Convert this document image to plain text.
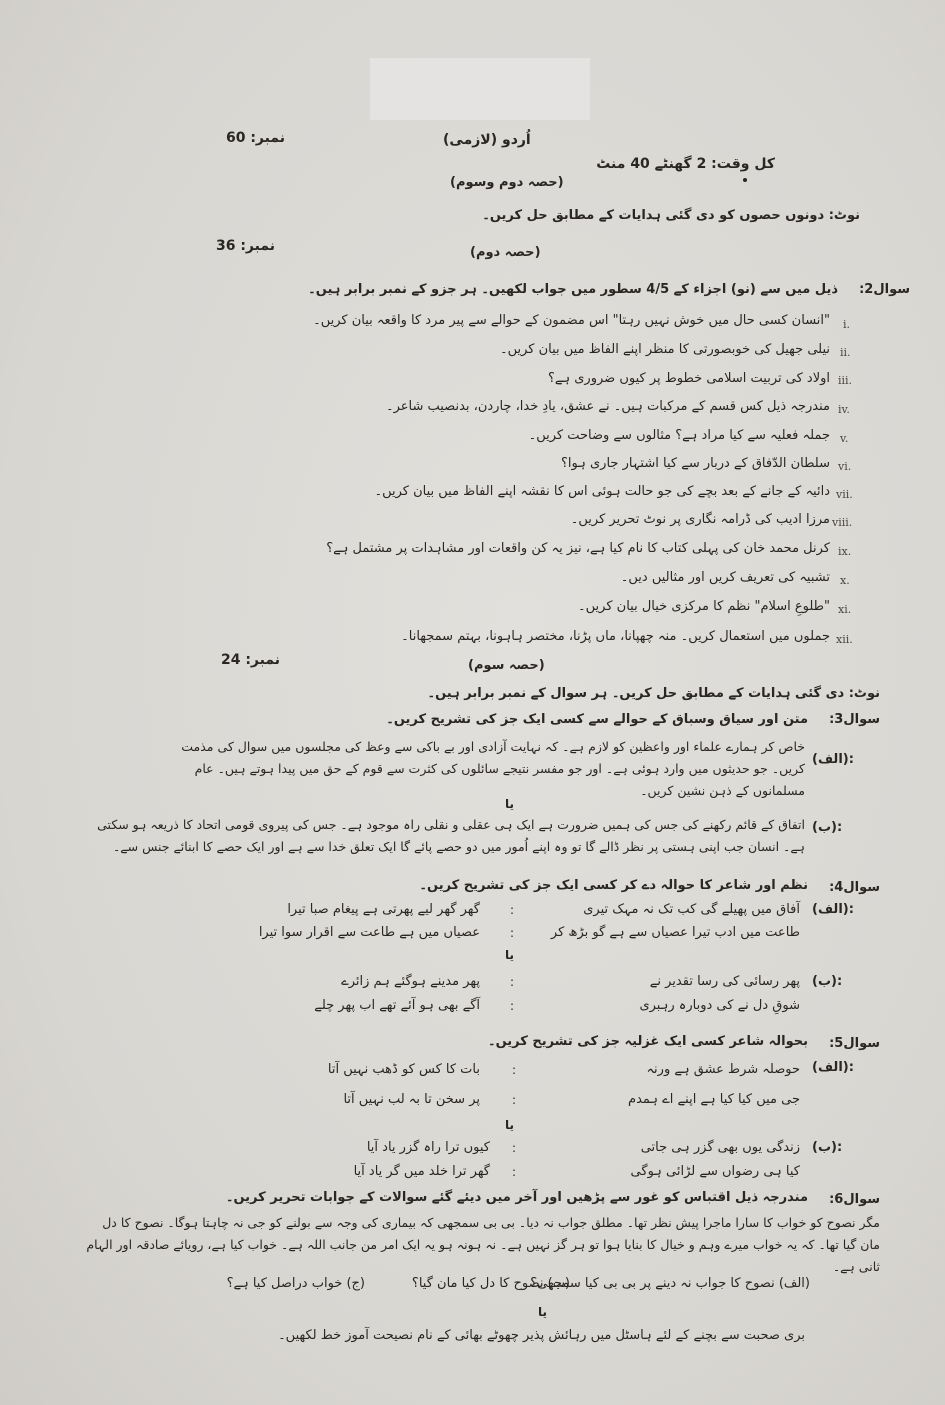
کل وقت: 2 گھنٹے 40 منٹ
اُردو (لازمی)
(حصہ دوم وسوم)
نمبر: 60
نوٹ: دونوں حصوں کو دی گئی ہدایات کے مطابق حل کریں۔
(حصہ دوم)
نمبر: 36
سوال2:
ذیل میں سے (نو) اجزاء کے 4/5 سطور میں جواب لکھیں۔ ہر جزو کے نمبر برابر ہیں۔
"انسان کسی حال میں خوش نہیں رہتا" اس مضمون کے حوالے سے پیر مرد کا واقعہ بیان کریں۔ i.
نیلی جھیل کی خوبصورتی کا منظر اپنے الفاظ میں بیان کریں۔ ii.
اولاد کی تربیت اسلامی خطوط پر کیوں ضروری ہے؟ iii.
مندرجہ ذیل کس قسم کے مرکبات ہیں۔ نے عشق، یادِ خدا، چاردن، بدنصیب شاعر۔ iv.
جملہ فعلیہ سے کیا مراد ہے؟ مثالوں سے وضاحت کریں۔ v.
سلطان الدّفاق کے دربار سے کیا اشتہار جاری ہوا؟ vi.
دائیہ کے جانے کے بعد بچے کی جو حالت ہوئی اس کا نقشہ اپنے الفاظ میں بیان کریں۔ vii.
مرزا ادیب کی ڈرامہ نگاری پر نوٹ تحریر کریں۔ viii.
کرنل محمد خان کی پہلی کتاب کا نام کیا ہے، نیز یہ کن واقعات اور مشاہدات پر مشتمل ہے؟ ix.
تشبیہ کی تعریف کریں اور مثالیں دیں۔ x.
"طلوعِ اسلام" نظم کا مرکزی خیال بیان کریں۔ xi.
جملوں میں استعمال کریں۔ منہ چھپانا، ماں پڑنا، مختصر ہاہونا، بہتم سمجھانا۔ xii.
(حصہ سوم)
نمبر: 24
نوٹ: دی گئی ہدایات کے مطابق حل کریں۔ ہر سوال کے نمبر برابر ہیں۔
سوال3:
متن اور سیاق وسباق کے حوالے سے کسی ایک جز کی تشریح کریں۔
(الف):
خاص کر ہمارے علماء اور واعظین کو لازم ہے۔ کہ نہایت آزادی اور بے باکی سے وعظ کی مجلسوں میں سوال کی مذمت کریں۔ جو حدیثوں میں وارد ہوئی ہے۔ اور جو مفسر نتیجے سائلوں کی کثرت سے قوم کے حق میں پیدا ہوتے ہیں۔ عام مسلمانوں کے ذہن نشین کریں۔
یا
(ب):
اتفاق کے قائم رکھنے کی جس کی ہمیں ضرورت ہے ایک ہی عقلی و نقلی راہ موجود ہے۔ جس کی پیروی قومی اتحاد کا ذریعہ ہو سکتی ہے۔ انسان جب اپنی ہستی پر نظر ڈالے گا تو وہ اپنے اُمور میں دو حصے پائے گا ایک تعلق خدا سے ہے اور ایک حصے کا ابنائے جنس سے۔
سوال4:
نظم اور شاعر کا حوالہ دے کر کسی ایک جز کی تشریح کریں۔
(الف):
آفاق میں پھیلے گی کب تک نہ مہک تیری
:
گھر گھر لیے پھرتی ہے پیغام صبا تیرا
طاعت میں ادب تیرا عصیاں سے ہے گو بڑھ کر
:
عصیاں میں ہے طاعت سے اقرار سوا تیرا
یا
(ب):
پھر رسائی کی رسا تقدیر نے
:
پھر مدینے ہوگئے ہم زائرے
شوقِ دل نے کی دوبارہ رہبری
:
آگے بھی ہو آئے تھے اب پھر چلے
سوال5:
بحوالہ شاعر کسی ایک غزلیہ جز کی تشریح کریں۔
(الف):
حوصلہ شرط عشق ہے ورنہ
:
بات کا کس کو ڈھب نہیں آتا
جی میں کیا کیا ہے اپنے اے ہمدم
:
پر سخن تا بہ لب نہیں آتا
یا
(ب):
زندگی یوں بھی گزر ہی جاتی
:
کیوں ترا راہ گزر یاد آیا
کیا ہی رضواں سے لڑائی ہوگی
:
گھر ترا خلد میں گر یاد آیا
سوال6:
مندرجہ ذیل اقتباس کو غور سے پڑھیں اور آخر میں دیئے گئے سوالات کے جوابات تحریر کریں۔
مگر نصوح کو خواب کا سارا ماجرا پیش نظر تھا۔ مطلق جواب نہ دیا۔ بی بی سمجھی کہ بیماری کی وجہ سے بولنے کو جی نہ چاہتا ہوگا۔ نصوح کا دل مان گیا تھا۔ کہ یہ خواب میرے وہم و خیال کا بنایا ہوا تو ہر گز نہیں ہے۔ نہ ہونہ ہو یہ ایک امر من جانب اللہ ہے۔ خواب کیا ہے، رویائے صادقہ اور الہام ثانی ہے۔
(الف) نصوح کا جواب نہ دینے پر بی بی کیا سمجھی؟
(ب) نصوح کا دل کیا مان گیا؟
(ج) خواب دراصل کیا ہے؟
یا
بری صحبت سے بچنے کے لئے ہاسٹل میں رہائش پذیر چھوٹے بھائی کے نام نصیحت آموز خط لکھیں۔
